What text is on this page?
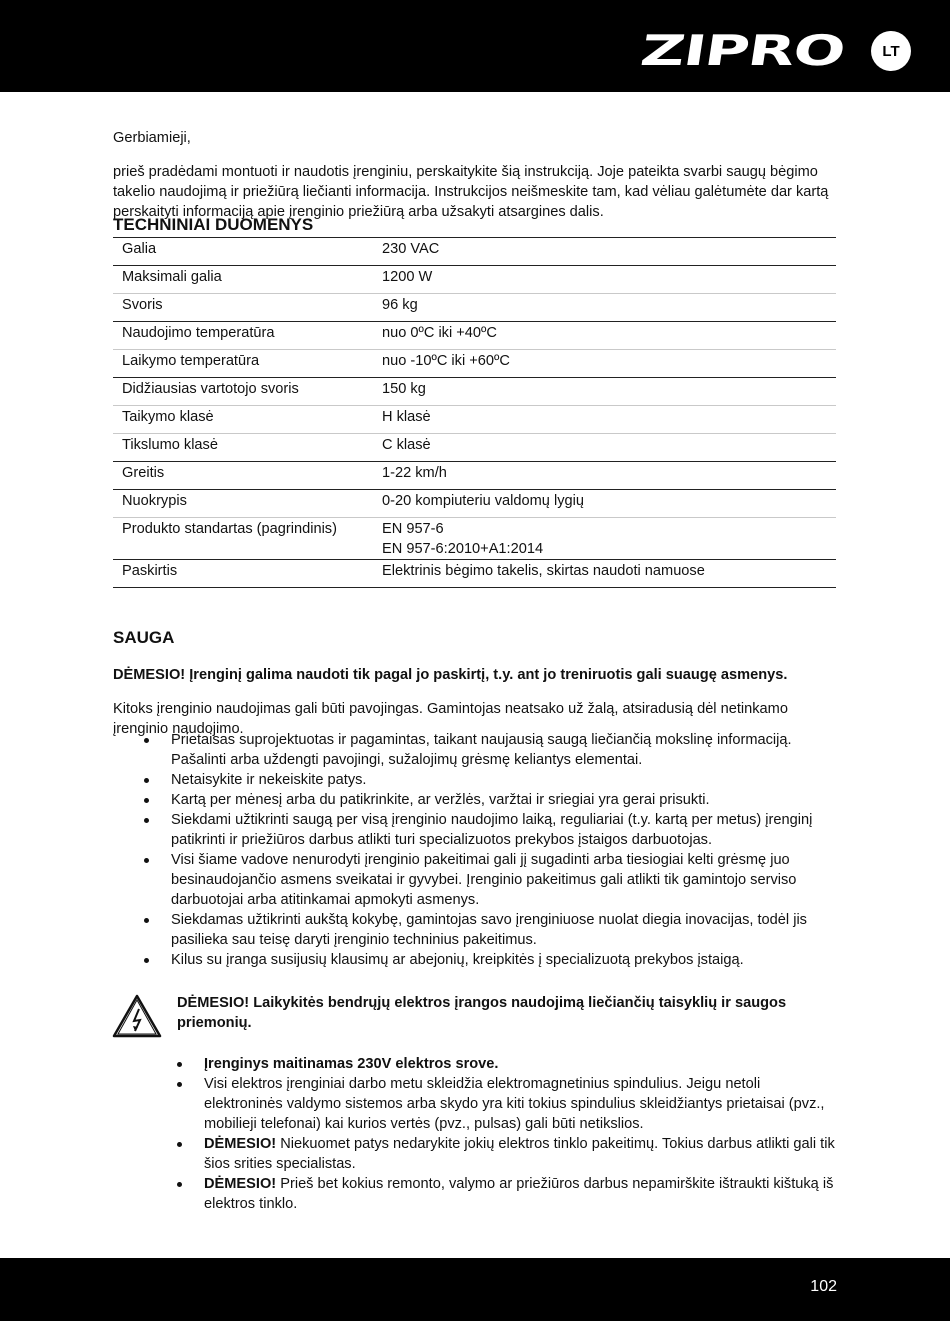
ZIPRO	LT

Gerbiamieji,

prieš pradėdami montuoti ir naudotis įrenginiu, perskaitykite šią instrukciją. Joje pateikta svarbi saugų bėgimo takelio naudojimą ir priežiūrą liečianti informacija. Instrukcijos neišmeskite tam, kad vėliau galėtumėte dar kartą perskaityti informaciją apie įrenginio priežiūrą arba užsakyti atsargines dalis.

TECHNINIAI DUOMENYS
Galia	230 VAC

Maksimali galia	1200 W

Svoris	96 kg

Naudojimo temperatūra	nuo 0ºC iki +40ºC

Laikymo temperatūra	nuo -10ºC iki +60ºC

Didžiausias vartotojo svoris	150 kg

Taikymo klasė	H klasė

Tikslumo klasė	C klasė

Greitis	1-22 km/h

Nuokrypis	0-20 kompiuteriu valdomų lygių

Produkto standartas (pagrindinis)	EN 957-6
EN 957-6:2010+A1:2014

Paskirtis	Elektrinis bėgimo takelis, skirtas naudoti namuose
SAUGA

DĖMESIO! Įrenginį galima naudoti tik pagal jo paskirtį, t.y. ant jo treniruotis gali suaugę asmenys.

Kitoks įrenginio naudojimas gali būti pavojingas. Gamintojas neatsako už žalą, atsiradusią dėl netinkamo įrenginio naudojimo.

Prietaisas suprojektuotas ir pagamintas, taikant naujausią saugą liečiančią mokslinę informaciją. Pašalinti arba uždengti pavojingi, sužalojimų grėsmę keliantys elementai.
Netaisykite ir nekeiskite patys.
Kartą per mėnesį arba du patikrinkite, ar veržlės, varžtai ir sriegiai yra gerai prisukti.
Siekdami užtikrinti saugą per visą įrenginio naudojimo laiką, reguliariai (t.y. kartą per metus) įrenginį patikrinti ir priežiūros darbus atlikti turi specializuotos prekybos įstaigos darbuotojas.
Visi šiame vadove nenurodyti įrenginio pakeitimai gali jį sugadinti arba tiesiogiai kelti grėsmę juo besinaudojančio asmens sveikatai ir gyvybei. Įrenginio pakeitimus gali atlikti tik gamintojo serviso darbuotojai arba atitinkamai apmokyti asmenys.
Siekdamas užtikrinti aukštą kokybę, gamintojas savo įrenginiuose nuolat diegia inovacijas, todėl jis pasilieka sau teisę daryti įrenginio techninius pakeitimus.
Kilus su įranga susijusių klausimų ar abejonių, kreipkitės į specializuotą prekybos įstaigą.
DĖMESIO! Laikykitės bendrųjų elektros įrangos naudojimą liečiančių taisyklių ir saugos priemonių.
Įrenginys maitinamas 230V elektros srove.
Visi elektros įrenginiai darbo metu skleidžia elektromagnetinius spindulius. Jeigu netoli elektroninės valdymo sistemos arba skydo yra kiti tokius spindulius skleidžiantys prietaisai (pvz., mobilieji telefonai) kai kurios vertės (pvz., pulsas) gali būti netikslios.
DĖMESIO! Niekuomet patys nedarykite jokių elektros tinklo pakeitimų. Tokius darbus atlikti gali tik šios srities specialistas.
DĖMESIO! Prieš bet kokius remonto, valymo ar priežiūros darbus nepamirškite ištraukti kištuką iš elektros tinklo.
102
